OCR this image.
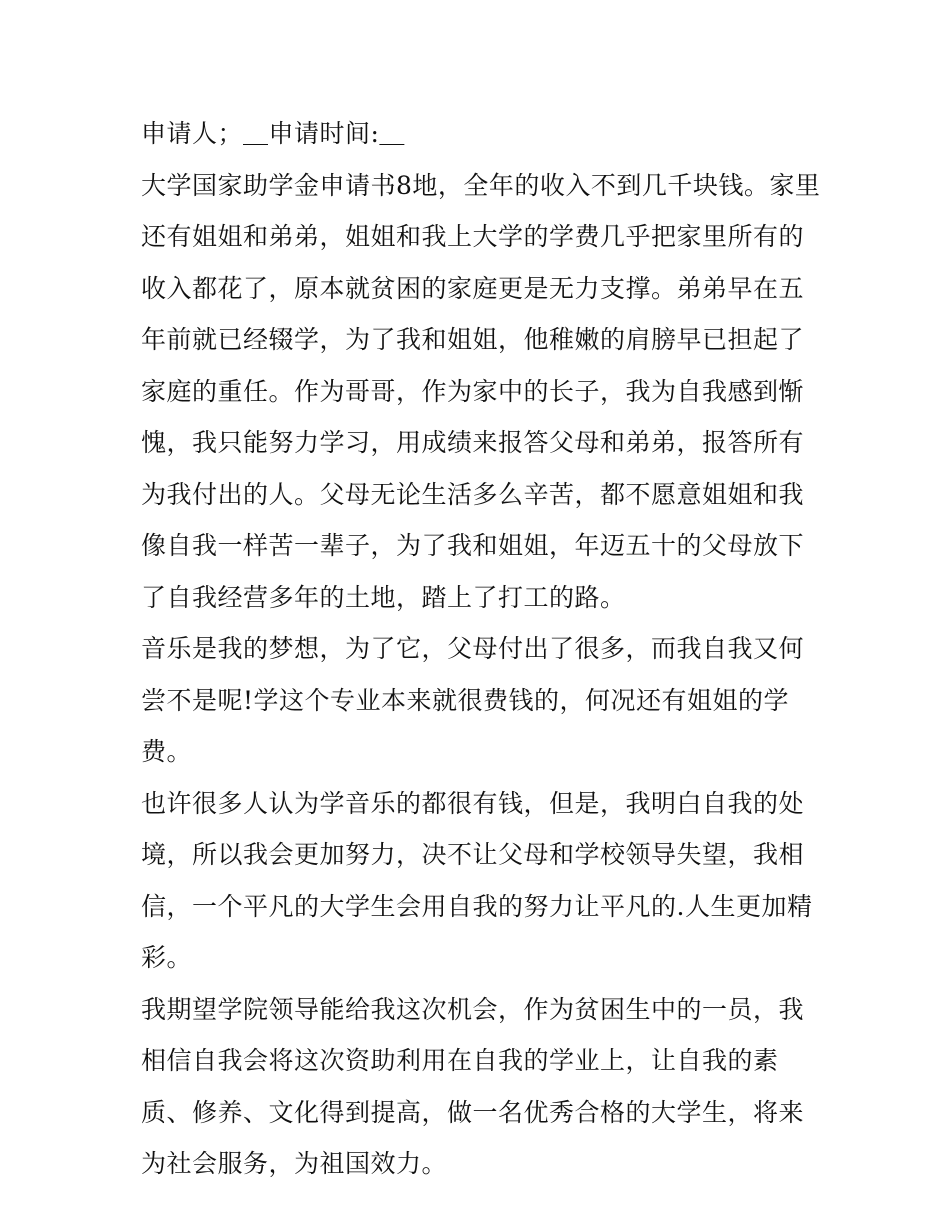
申请人；＿申请时间:＿

大学国家助学金申请书8地，全年的收入不到几千块钱。家里还有姐姐和弟弟，姐姐和我上大学的学费几乎把家里所有的收入都花了，原本就贫困的家庭更是无力支撑。弟弟早在五年前就已经辍学，为了我和姐姐，他稚嫩的肩膀早已担起了家庭的重任。作为哥哥，作为家中的长子，我为自我感到惭愧，我只能努力学习，用成绩来报答父母和弟弟，报答所有为我付出的人。父母无论生活多么辛苦，都不愿意姐姐和我像自我一样苦一辈子，为了我和姐姐，年迈五十的父母放下了自我经营多年的土地，踏上了打工的路。

音乐是我的梦想，为了它，父母付出了很多，而我自我又何尝不是呢!学这个专业本来就很费钱的，何况还有姐姐的学费。

也许很多人认为学音乐的都很有钱，但是，我明白自我的处境，所以我会更加努力，决不让父母和学校领导失望，我相信，一个平凡的大学生会用自我的努力让平凡的.人生更加精彩。

我期望学院领导能给我这次机会，作为贫困生中的一员，我相信自我会将这次资助利用在自我的学业上，让自我的素质、修养、文化得到提高，做一名优秀合格的大学生，将来为社会服务，为祖国效力。
